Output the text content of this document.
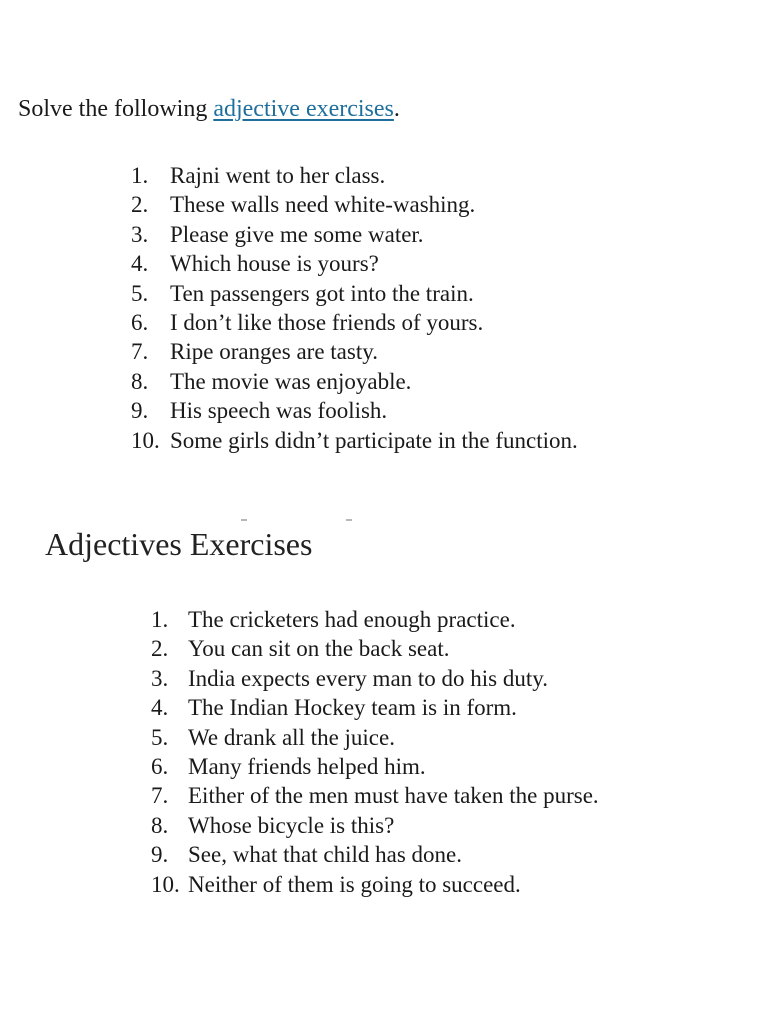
Solve the following adjective exercises.

1. Rajni went to her class.
2. These walls need white-washing.
3. Please give me some water.
4. Which house is yours?
5. Ten passengers got into the train.
6. I don’t like those friends of yours.
7. Ripe oranges are tasty.
8. The movie was enjoyable.
9. His speech was foolish.
10. Some girls didn’t participate in the function.
Adjectives Exercises
1. The cricketers had enough practice.
2. You can sit on the back seat.
3. India expects every man to do his duty.
4. The Indian Hockey team is in form.
5. We drank all the juice.
6. Many friends helped him.
7. Either of the men must have taken the purse.
8. Whose bicycle is this?
9. See, what that child has done.
10. Neither of them is going to succeed.
